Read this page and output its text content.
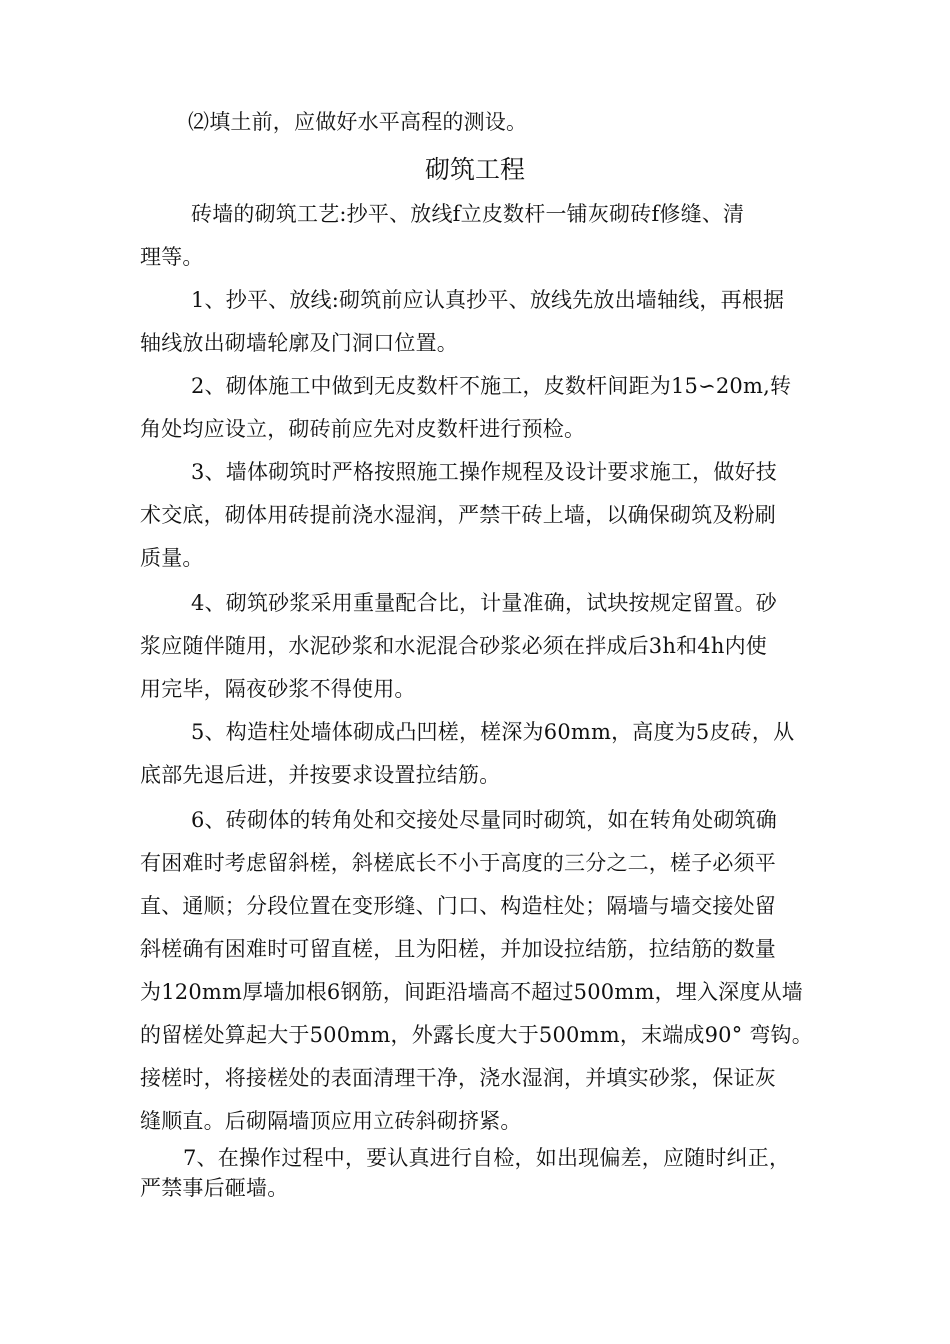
⑵填土前，应做好水平高程的测设。
砌筑工程
砖墙的砌筑工艺:抄平、放线f立皮数杆一铺灰砌砖f修缝、清
理等。
1、抄平、放线:砌筑前应认真抄平、放线先放出墙轴线，再根据
轴线放出砌墙轮廓及门洞口位置。
2、砌体施工中做到无皮数杆不施工，皮数杆间距为15∽20m,转
角处均应设立，砌砖前应先对皮数杆进行预检。
3、墙体砌筑时严格按照施工操作规程及设计要求施工，做好技
术交底，砌体用砖提前浇水湿润，严禁干砖上墙，以确保砌筑及粉刷
质量。
4、砌筑砂浆采用重量配合比，计量准确，试块按规定留置。砂
浆应随伴随用，水泥砂浆和水泥混合砂浆必须在拌成后3h和4h内使
用完毕，隔夜砂浆不得使用。
5、构造柱处墙体砌成凸凹槎，槎深为60mm，高度为5皮砖，从
底部先退后进，并按要求设置拉结筋。
6、砖砌体的转角处和交接处尽量同时砌筑，如在转角处砌筑确
有困难时考虑留斜槎，斜槎底长不小于高度的三分之二，槎子必须平
直、通顺；分段位置在变形缝、门口、构造柱处；隔墙与墙交接处留
斜槎确有困难时可留直槎，且为阳槎，并加设拉结筋，拉结筋的数量
为120mm厚墙加根6钢筋，间距沿墙高不超过500mm，埋入深度从墙
的留槎处算起大于500mm，外露长度大于500mm，末端成90° 弯钩。
接槎时，将接槎处的表面清理干净，浇水湿润，并填实砂浆，保证灰
缝顺直。后砌隔墙顶应用立砖斜砌挤紧。
7、在操作过程中，要认真进行自检，如出现偏差，应随时纠正，
严禁事后砸墙。
